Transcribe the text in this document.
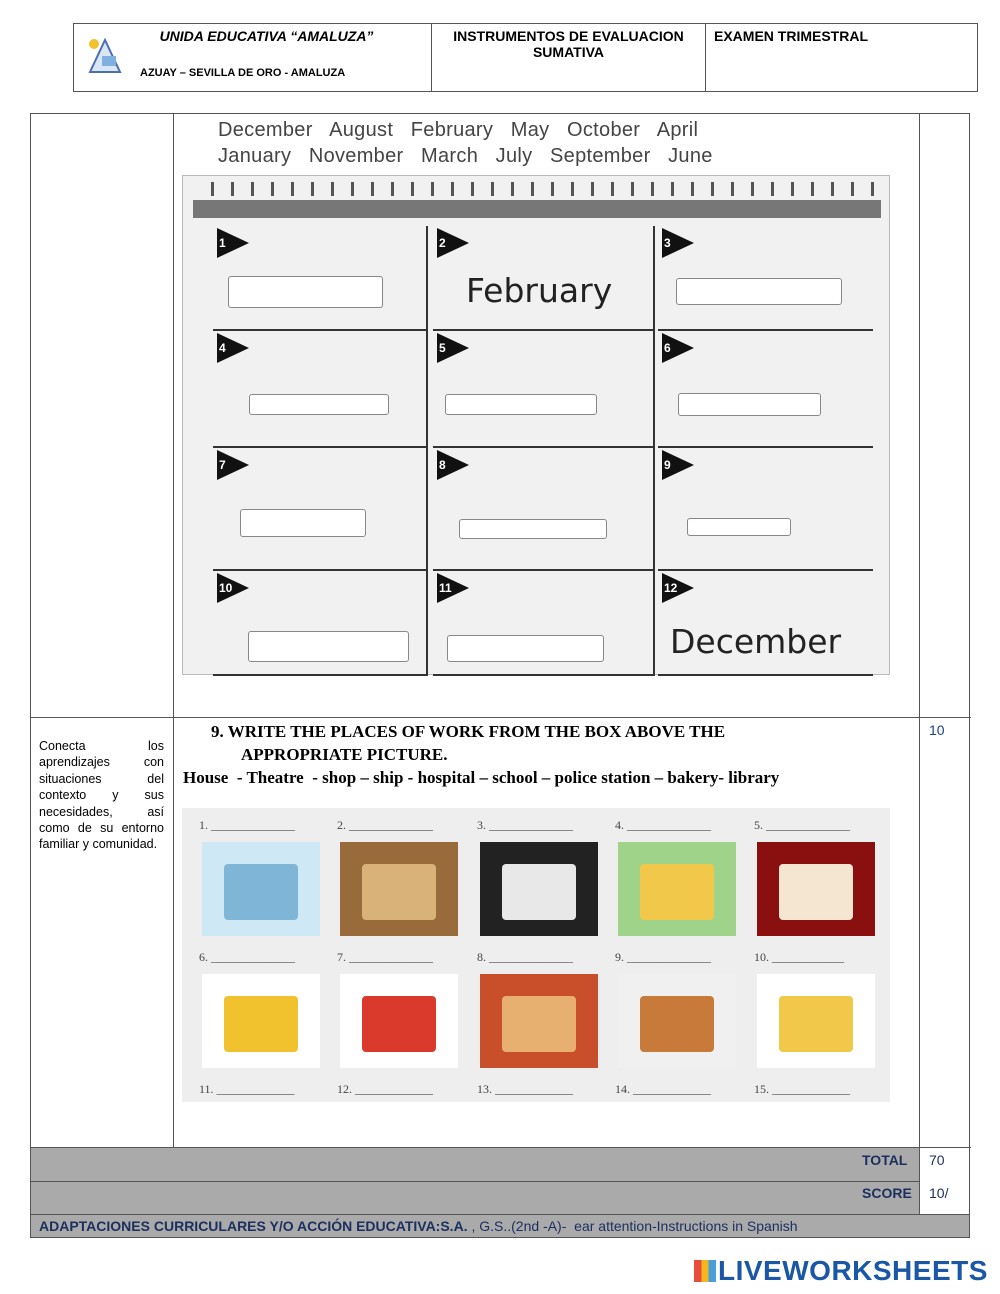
UNIDA EDUCATIVA “AMALUZA”
AZUAY – SEVILLA DE ORO - AMALUZA
INSTRUMENTOS DE EVALUACION SUMATIVA
EXAMEN TRIMESTRAL
December   August   February   May   October   April
January   November   March   July   September   June
1	2	3
4	5	6
7	8	9
10	11	12
February
December
Conecta los aprendizajes con situaciones del contexto y sus necesidades, así como de su entorno familiar y comunidad.
9. WRITE THE PLACES OF WORK FROM THE BOX ABOVE THE
APPROPRIATE PICTURE.
House  - Theatre  - shop – ship - hospital – school – police station – bakery- library
10
1. ______________	2. ______________	3. ______________	4. ______________	5. ______________
6. ______________	7. ______________	8. ______________	9. ______________	10. ____________
11. _____________	12. _____________	13. _____________	14. _____________	15. _____________
TOTAL 70
SCORE 10/
ADAPTACIONES CURRICULARES Y/O ACCIÓN EDUCATIVA:S.A. , G.S..(2nd -A)-  ear attention-Instructions in Spanish
LIVEWORKSHEETS
